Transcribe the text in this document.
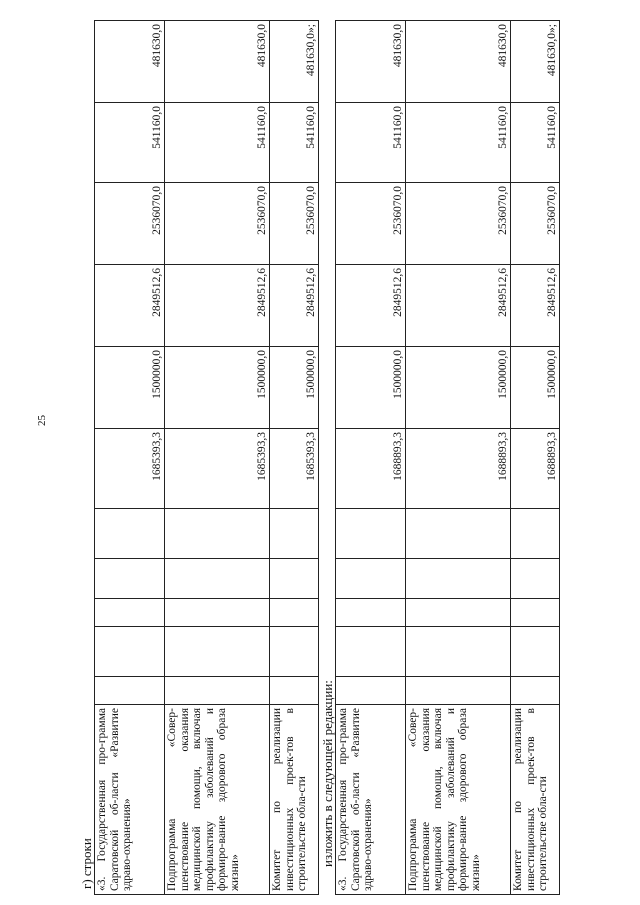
25
г) строки «3. Государственная про-грамма Саратовской об-ласти «Развитие здраво-охранения»						1685393,3	1500000,0	2849512,6	2536070,0	541160,0	481630,0
Подпрограмма «Совер-шенствование оказания медицинской помощи, включая профилактику заболеваний и формиро-вание здорового образа жизни»						1685393,3	1500000,0	2849512,6	2536070,0	541160,0	481630,0
Комитет по реализации инвестиционных проек-тов в строительстве обла-сти						1685393,3	1500000,0	2849512,6	2536070,0	541160,0	481630,0»;
изложить в следующей редакции: «3. Государственная про-грамма Саратовской об-ласти «Развитие здраво-охранения»						1688893,3	1500000,0	2849512,6	2536070,0	541160,0	481630,0
Подпрограмма «Совер-шенствование оказания медицинской помощи, включая профилактику заболеваний и формиро-вание здорового образа жизни»						1688893,3	1500000,0	2849512,6	2536070,0	541160,0	481630,0
Комитет по реализации инвестиционных проек-тов в строительстве обла-сти						1688893,3	1500000,0	2849512,6	2536070,0	541160,0	481630,0»;
